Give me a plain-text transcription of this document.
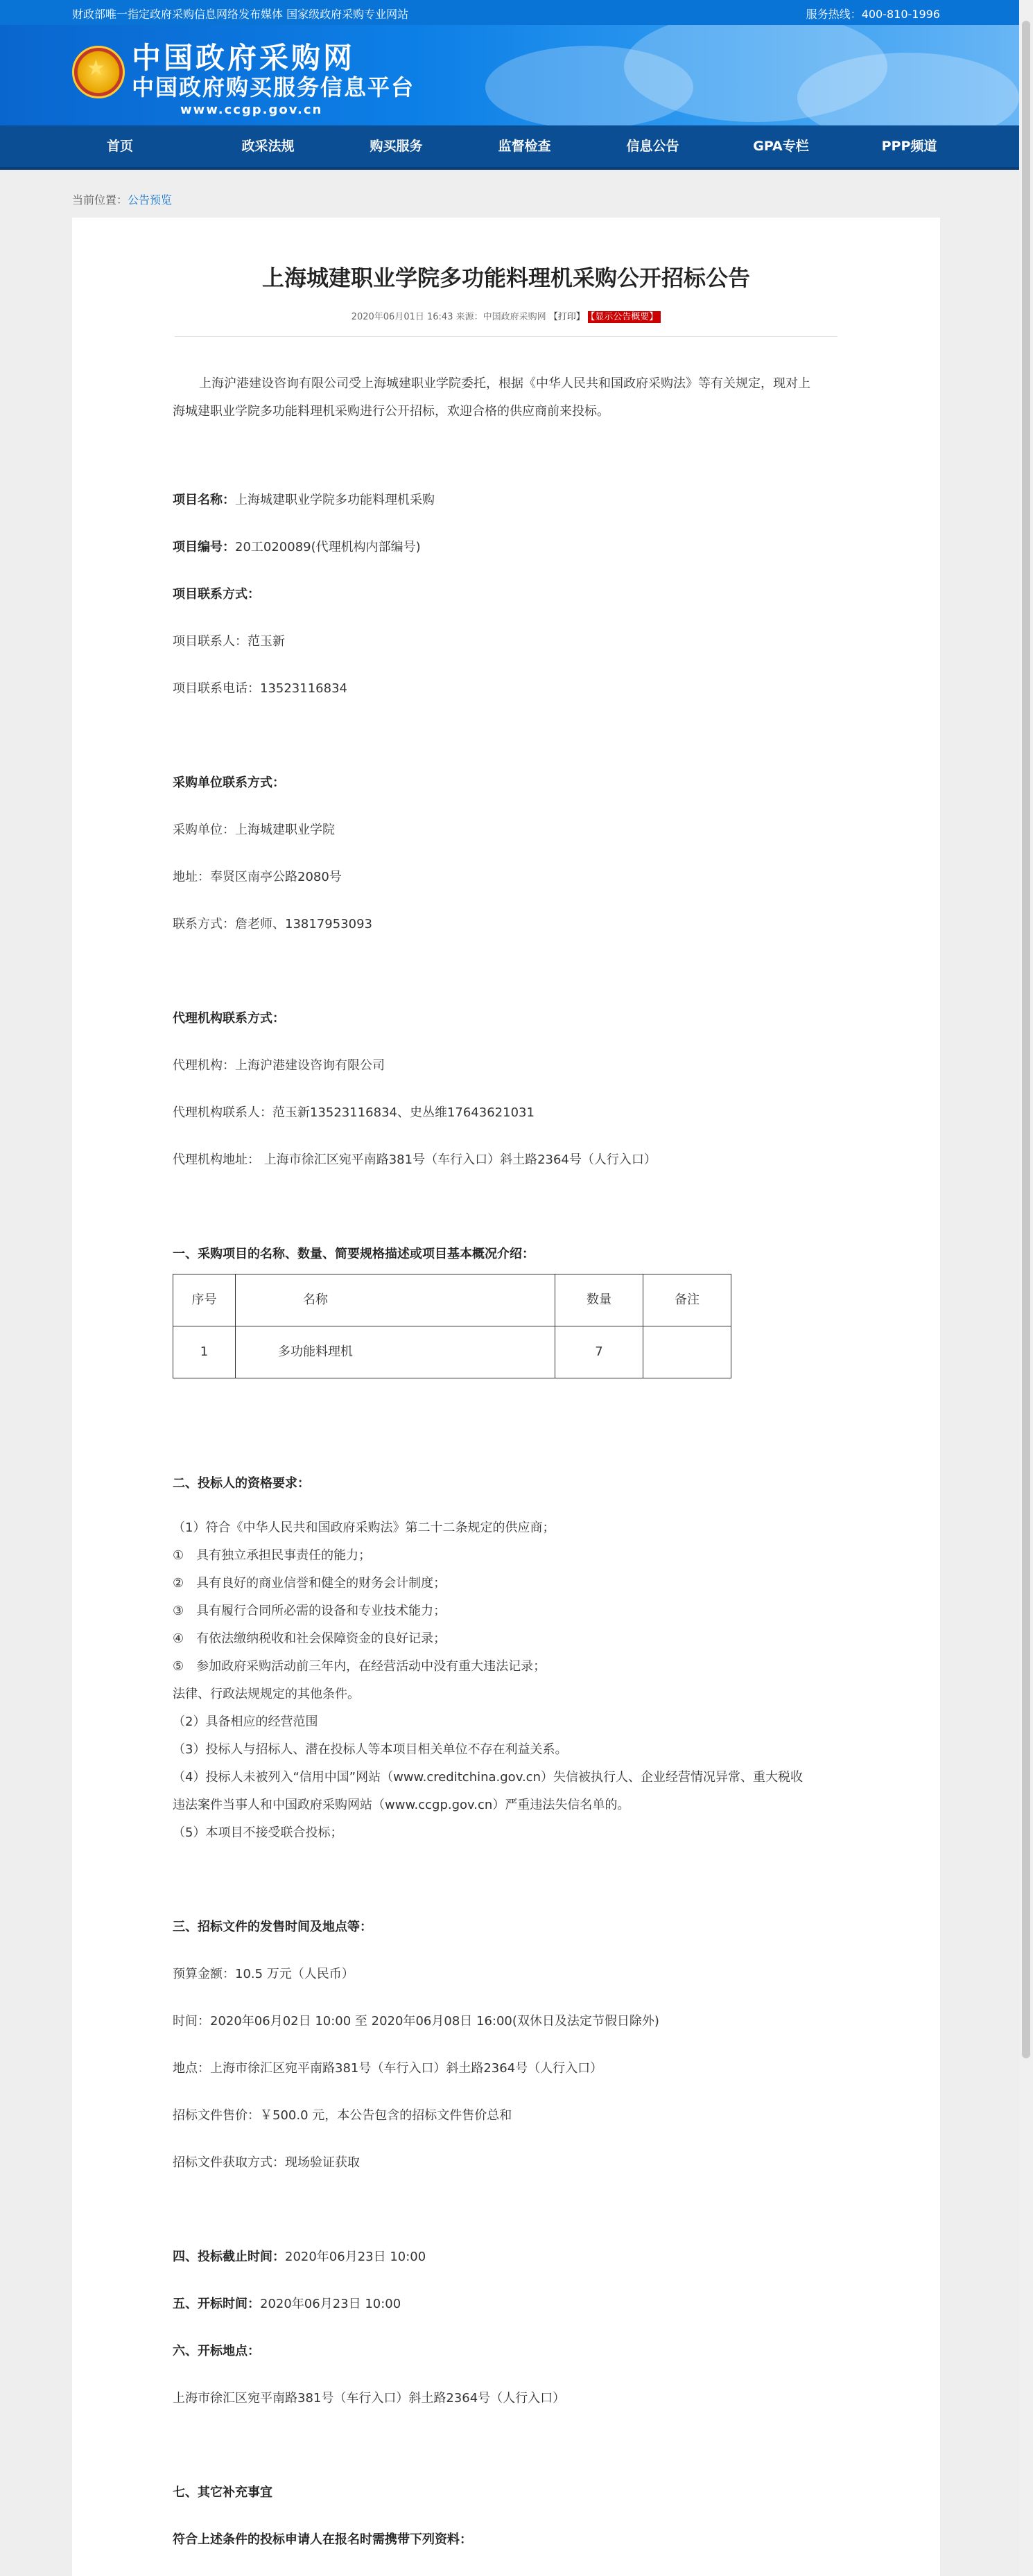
财政部唯一指定政府采购信息网络发布媒体 国家级政府采购专业网站	服务热线：400-810-1996
★ 中国政府采购网
中国政府购买服务信息平台
www.ccgp.gov.cn
首页	政采法规	购买服务	监督检查	信息公告	GPA专栏	PPP频道
当前位置：公告预览
上海城建职业学院多功能料理机采购公开招标公告
2020年06月01日 16:43 来源：中国政府采购网 【打印】 【显示公告概要】

上海沪港建设咨询有限公司受上海城建职业学院委托，根据《中华人民共和国政府采购法》等有关规定，现对上海城建职业学院多功能料理机采购进行公开招标，欢迎合格的供应商前来投标。

项目名称：上海城建职业学院多功能料理机采购

项目编号：20工020089(代理机构内部编号)

项目联系方式：

项目联系人：范玉新

项目联系电话：13523116834

采购单位联系方式：

采购单位：上海城建职业学院

地址：奉贤区南亭公路2080号

联系方式：詹老师、13817953093

代理机构联系方式：

代理机构：上海沪港建设咨询有限公司

代理机构联系人：范玉新13523116834、史丛维17643621031

代理机构地址： 上海市徐汇区宛平南路381号（车行入口）斜土路2364号（人行入口）

一、采购项目的名称、数量、简要规格描述或项目基本概况介绍：

序号	名称		数量	备注
1	多功能料理机		7	

二、投标人的资格要求：

（1）符合《中华人民共和国政府采购法》第二十二条规定的供应商；

①　具有独立承担民事责任的能力；

②　具有良好的商业信誉和健全的财务会计制度；

③　具有履行合同所必需的设备和专业技术能力；

④　有依法缴纳税收和社会保障资金的良好记录；

⑤　参加政府采购活动前三年内，在经营活动中没有重大违法记录；

法律、行政法规规定的其他条件。

（2）具备相应的经营范围

（3）投标人与招标人、潜在投标人等本项目相关单位不存在利益关系。

（4）投标人未被列入“信用中国”网站（www.creditchina.gov.cn）失信被执行人、企业经营情况异常、重大税收违法案件当事人和中国政府采购网站（www.ccgp.gov.cn）严重违法失信名单的。

（5）本项目不接受联合投标；

三、招标文件的发售时间及地点等：

预算金额：10.5 万元（人民币）

时间：2020年06月02日 10:00 至 2020年06月08日 16:00(双休日及法定节假日除外)

地点：上海市徐汇区宛平南路381号（车行入口）斜土路2364号（人行入口）

招标文件售价：￥500.0 元，本公告包含的招标文件售价总和

招标文件获取方式：现场验证获取

四、投标截止时间：2020年06月23日 10:00

五、开标时间：2020年06月23日 10:00

六、开标地点：

上海市徐汇区宛平南路381号（车行入口）斜土路2364号（人行入口）

七、其它补充事宜

符合上述条件的投标申请人在报名时需携带下列资料：
